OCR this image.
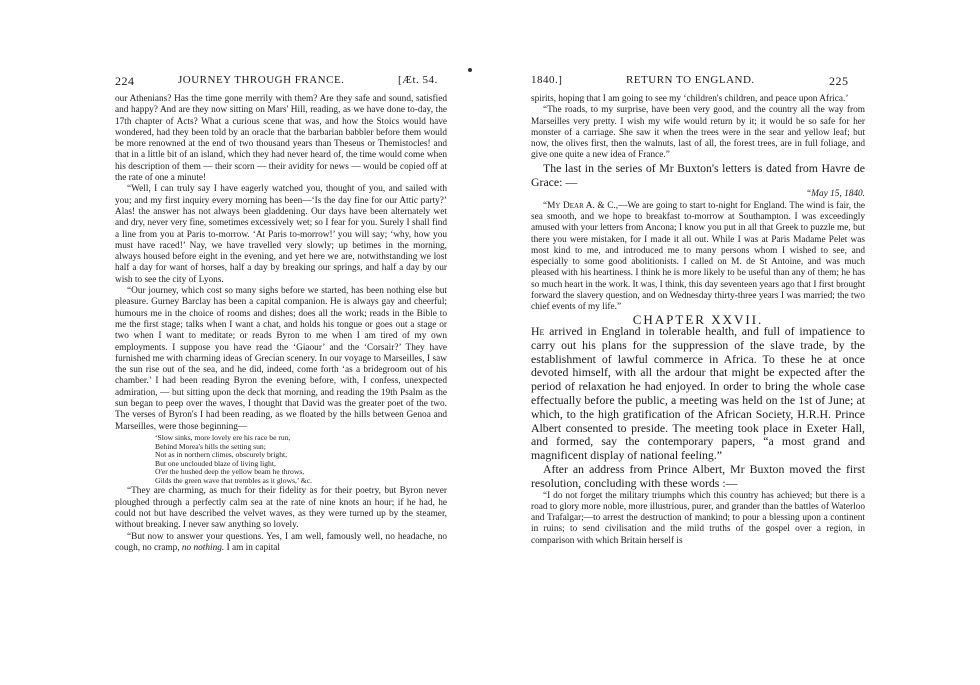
224	JOURNEY THROUGH FRANCE.	[Æt. 54.

our Athenians? Has the time gone merrily with them? Are they safe and sound, satisfied and happy? And are they now sitting on Mars' Hill, reading, as we have done to-day, the 17th chapter of Acts? What a curious scene that was, and how the Stoics would have wondered, had they been told by an oracle that the barbarian babbler before them would be more renowned at the end of two thousand years than Theseus or Themistocles! and that in a little bit of an island, which they had never heard of, the time would come when his description of them — their scorn — their avidity for news — would be copied off at the rate of one a minute!

“Well, I can truly say I have eagerly watched you, thought of you, and sailed with you; and my first inquiry every morning has been—‘Is the day fine for our Attic party?’ Alas! the answer has not always been gladdening. Our days have been alternately wet and dry, never very fine, sometimes excessively wet; so I fear for you. Surely I shall find a line from you at Paris to-morrow. ‘At Paris to-morrow!’ you will say; ‘why, how you must have raced!’ Nay, we have travelled very slowly; up betimes in the morning, always housed before eight in the evening, and yet here we are, notwithstanding we lost half a day for want of horses, half a day by breaking our springs, and half a day by our wish to see the city of Lyons.

“Our journey, which cost so many sighs before we started, has been nothing else but pleasure. Gurney Barclay has been a capital companion. He is always gay and cheerful; humours me in the choice of rooms and dishes; does all the work; reads in the Bible to me the first stage; talks when I want a chat, and holds his tongue or goes out a stage or two when I want to meditate; or reads Byron to me when I am tired of my own employments. I suppose you have read the ‘Giaour’ and the ‘Corsair?’ They have furnished me with charming ideas of Grecian scenery. In our voyage to Marseilles, I saw the sun rise out of the sea, and he did, indeed, come forth ‘as a bridegroom out of his chamber.’ I had been reading Byron the evening before, with, I confess, unexpected admiration, — but sitting upon the deck that morning, and reading the 19th Psalm as the sun began to peep over the waves, I thought that David was the greater poet of the two. The verses of Byron's I had been reading, as we floated by the hills between Genoa and Marseilles, were those beginning—

‘Slow sinks, more lovely ere his race be run,
Behind Morea's hills the setting sun;
Not as in northern climes, obscurely bright,
But one unclouded blaze of living light,
O'er the hushed deep the yellow beam he throws,
Gilds the green wave that trembles as it glows,’ &c.

“They are charming, as much for their fidelity as for their poetry, but Byron never ploughed through a perfectly calm sea at the rate of nine knots an hour; if he had, he could not but have described the velvet waves, as they were turned up by the steamer, without breaking. I never saw anything so lovely.

“But now to answer your questions. Yes, I am well, famously well, no headache, no cough, no cramp, no nothing. I am in capital

1840.]	RETURN TO ENGLAND.	225

spirits, hoping that I am going to see my ‘children's children, and peace upon Africa.’

“The roads, to my surprise, have been very good, and the country all the way from Marseilles very pretty. I wish my wife would return by it; it would be so safe for her monster of a carriage. She saw it when the trees were in the sear and yellow leaf; but now, the olives first, then the walnuts, last of all, the forest trees, are in full foliage, and give one quite a new idea of France.”

The last in the series of Mr Buxton's letters is dated from Havre de Grace: —

“May 15, 1840.

“My Dear A. & C.,—We are going to start to-night for England. The wind is fair, the sea smooth, and we hope to breakfast to-morrow at Southampton. I was exceedingly amused with your letters from Ancona; I know you put in all that Greek to puzzle me, but there you were mistaken, for I made it all out. While I was at Paris Madame Pelet was most kind to me, and introduced me to many persons whom I wished to see, and especially to some good abolitionists. I called on M. de St Antoine, and was much pleased with his heartiness. I think he is more likely to be useful than any of them; he has so much heart in the work. It was, I think, this day seventeen years ago that I first brought forward the slavery question, and on Wednesday thirty-three years I was married; the two chief events of my life.”

CHAPTER XXVII.

He arrived in England in tolerable health, and full of impatience to carry out his plans for the suppression of the slave trade, by the establishment of lawful commerce in Africa. To these he at once devoted himself, with all the ardour that might be expected after the period of relaxation he had enjoyed. In order to bring the whole case effectually before the public, a meeting was held on the 1st of June; at which, to the high gratification of the African Society, H.R.H. Prince Albert consented to preside. The meeting took place in Exeter Hall, and formed, say the contemporary papers, “a most grand and magnificent display of national feeling.”

After an address from Prince Albert, Mr Buxton moved the first resolution, concluding with these words :—

“I do not forget the military triumphs which this country has achieved; but there is a road to glory more noble, more illustrious, purer, and grander than the battles of Waterloo and Trafalgar;—to arrest the destruction of mankind; to pour a blessing upon a continent in ruins; to send civilisation and the mild truths of the gospel over a region, in comparison with which Britain herself is
